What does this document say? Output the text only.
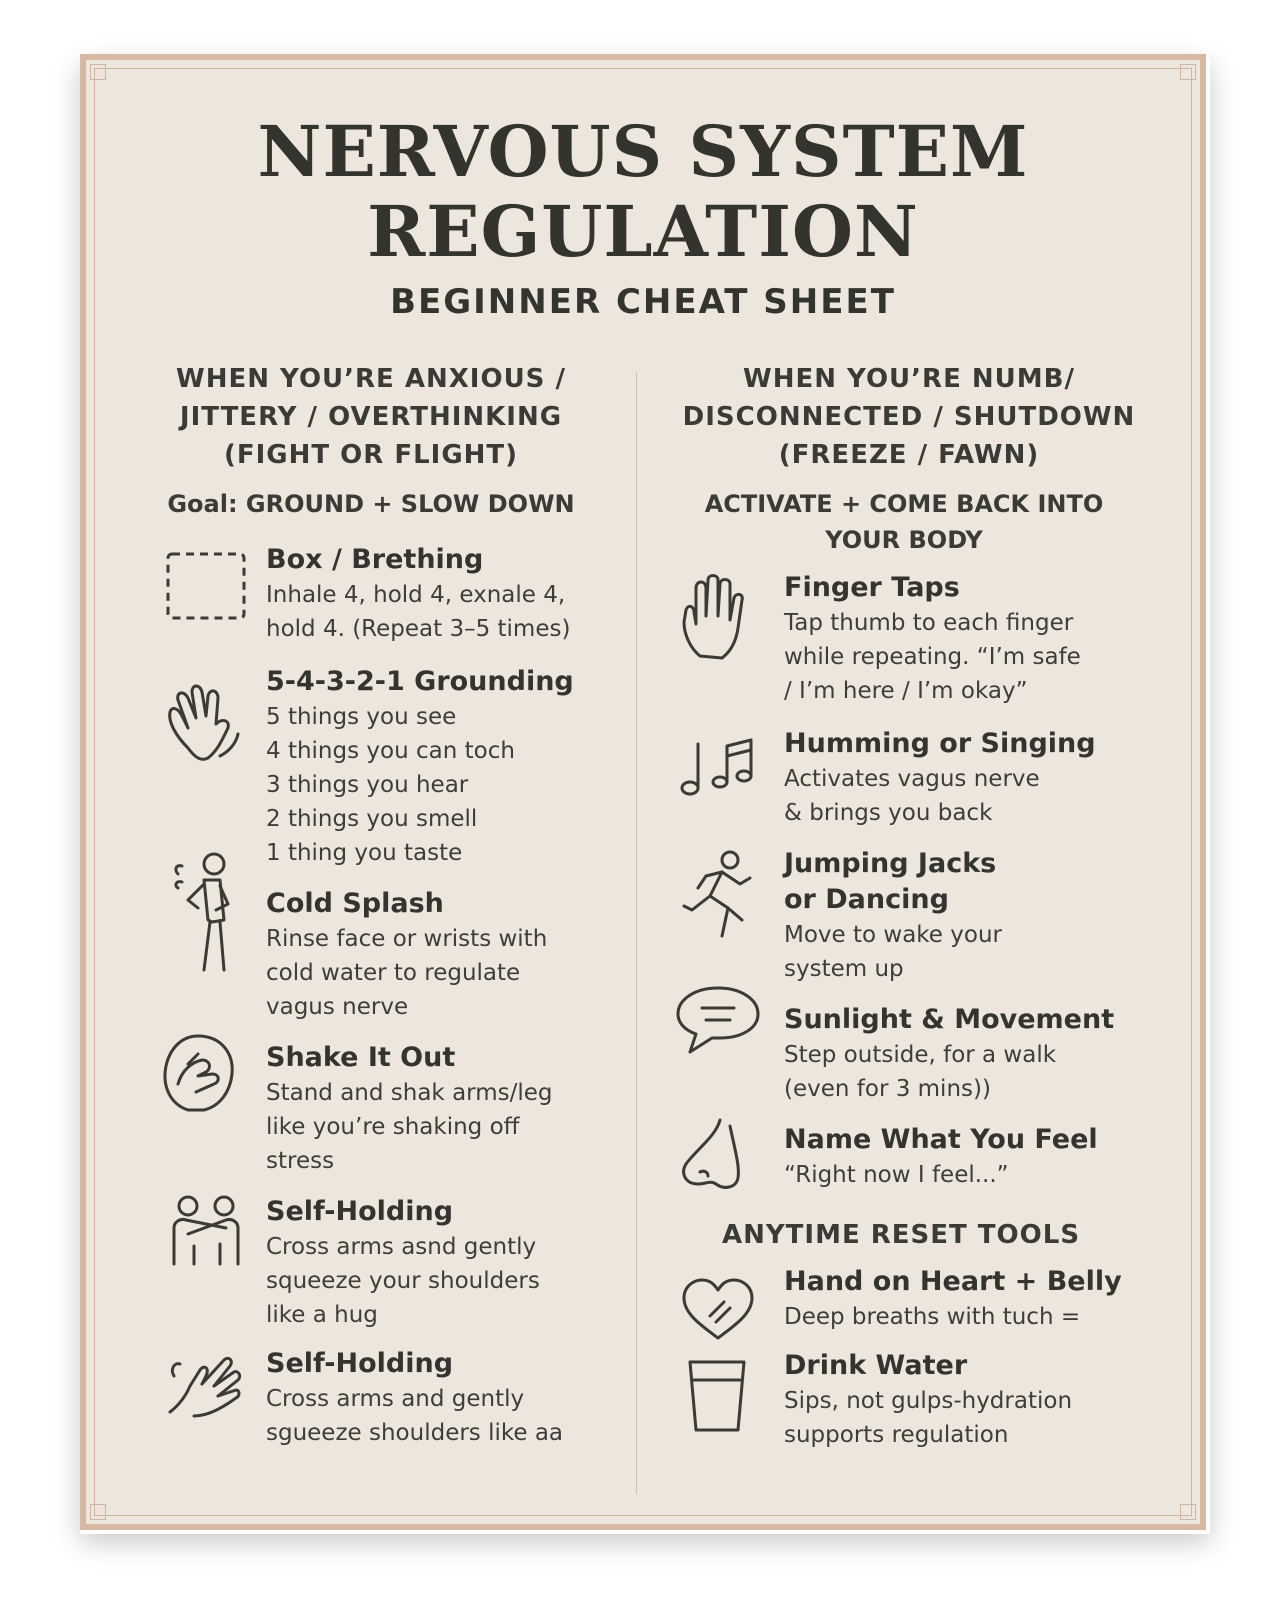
NERVOUS SYSTEM
REGULATION
BEGINNER CHEAT SHEET
WHEN YOU’RE ANXIOUS /
JITTERY / OVERTHINKING
(FIGHT OR FLIGHT)
Goal: GROUND + SLOW DOWN
Box / Brething
Inhale 4, hold 4, exnale 4,
hold 4. (Repeat 3–5 times)
5-4-3-2-1 Grounding
5 things you see
4 things you can toch
3 things you hear
2 things you smell
1 thing you taste
Cold Splash
Rinse face or wrists with
cold water to regulate
vagus nerve
Shake It Out
Stand and shak arms/leg
like you’re shaking off
stress
Self-Holding
Cross arms asnd gently
squeeze your shoulders
like a hug
Self-Holding
Cross arms and gently
sgueeze shoulders like aa
WHEN YOU’RE NUMB/
DISCONNECTED / SHUTDOWN
(FREEZE / FAWN)
ACTIVATE + COME BACK INTO
YOUR BODY
Finger Taps
Tap thumb to each finger
while repeating. “I’m safe
/ I’m here / I’m okay”
Humming or Singing
Activates vagus nerve
& brings you back
Jumping Jacks
or Dancing
Move to wake your
system up
Sunlight & Movement
Step outside, for a walk
(even for 3 mins))
Name What You Feel
“Right now I feel...”
ANYTIME RESET TOOLS
Hand on Heart + Belly
Deep breaths with tuch =
Drink Water
Sips, not gulps-hydration
supports regulation
